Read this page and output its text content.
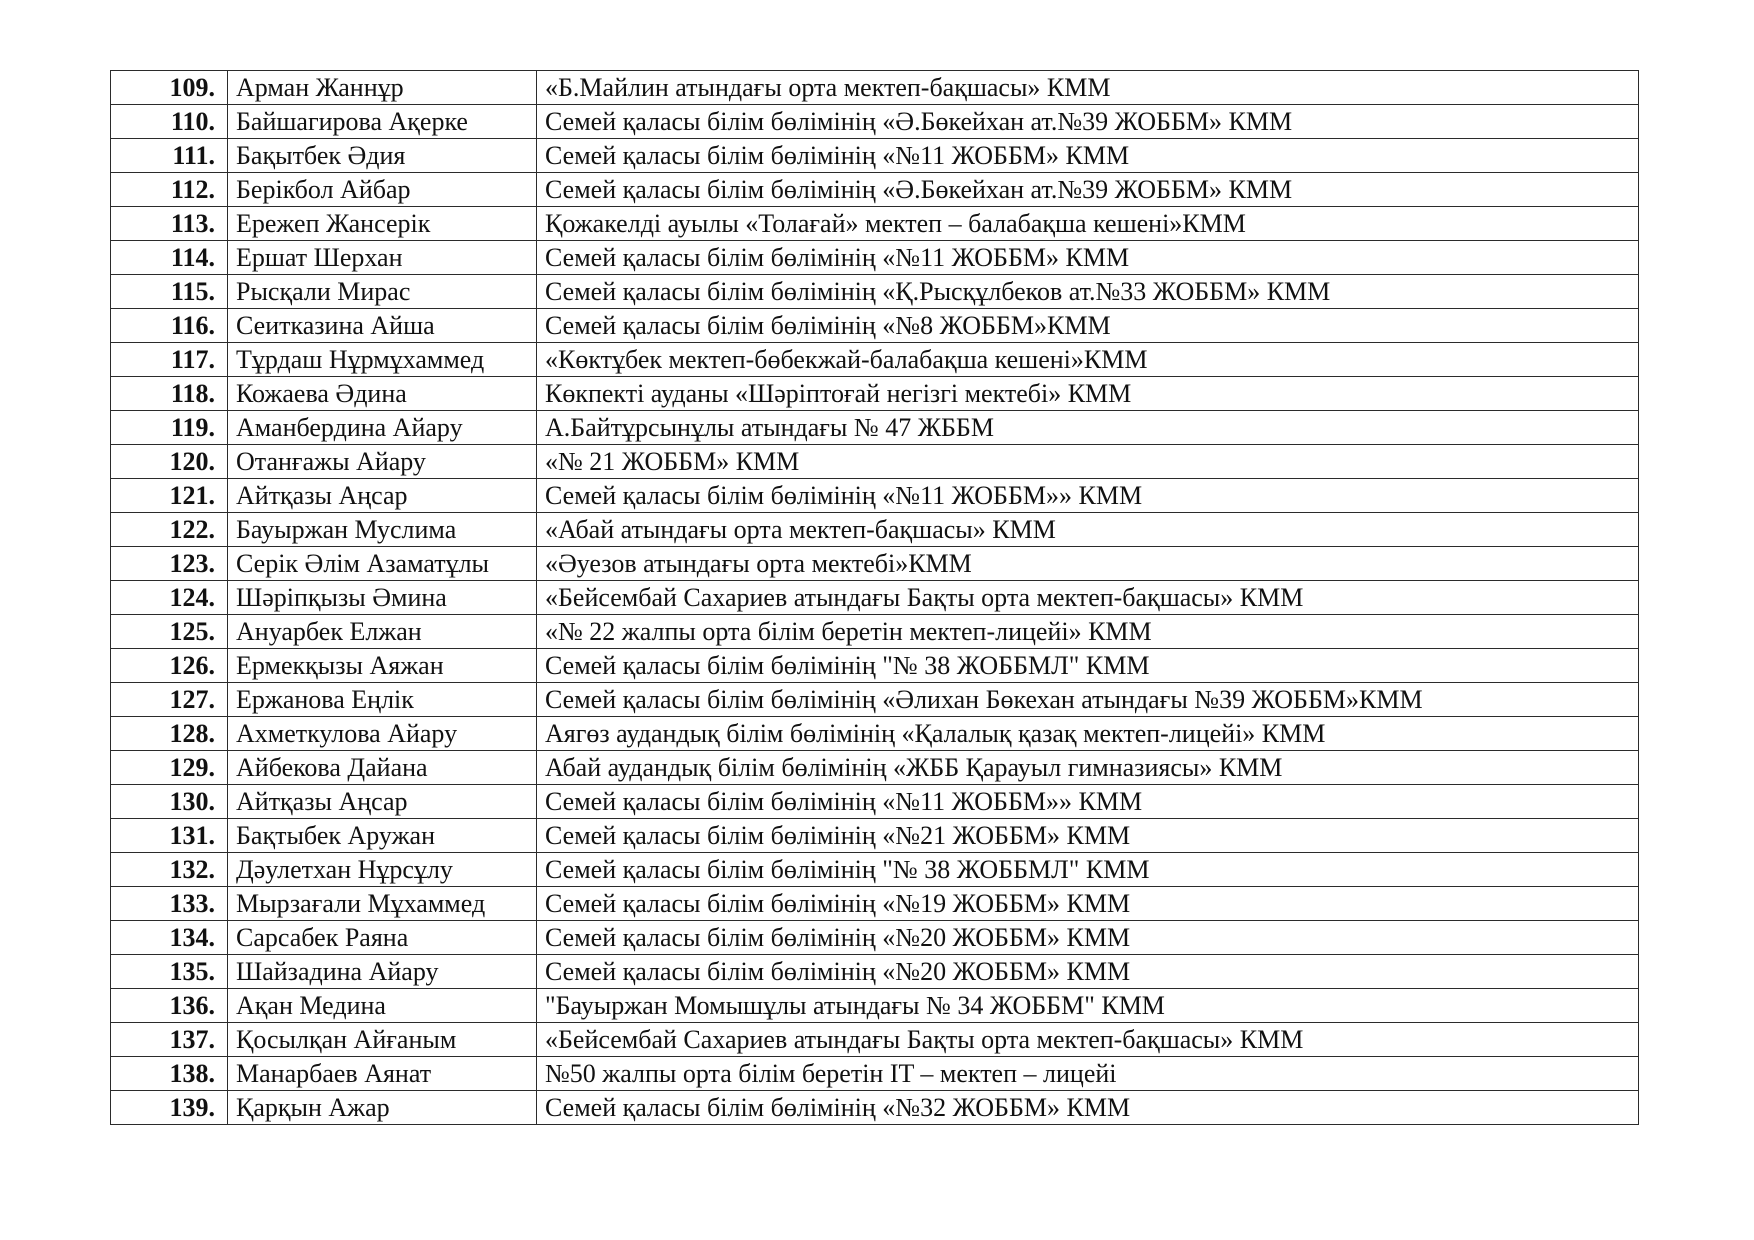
109.	Арман Жаннұр	«Б.Майлин атындағы орта мектеп-бақшасы» КММ
110.	Байшагирова Ақерке	Семей қаласы білім бөлімінің «Ә.Бөкейхан ат.№39 ЖОББМ» КММ
111.	Бақытбек Әдия	Семей қаласы білім бөлімінің «№11 ЖОББМ» КММ
112.	Берікбол Айбар	Семей қаласы білім бөлімінің «Ә.Бөкейхан ат.№39 ЖОББМ» КММ
113.	Ережеп Жансерік	Қожакелді ауылы «Толағай» мектеп – балабақша кешені»КММ
114.	Ершат Шерхан	Семей қаласы білім бөлімінің «№11 ЖОББМ» КММ
115.	Рысқали Мирас	Семей қаласы білім бөлімінің «Қ.Рысқұлбеков ат.№33 ЖОББМ» КММ
116.	Сеитказина Айша	Семей қаласы білім бөлімінің «№8 ЖОББМ»КММ
117.	Тұрдаш Нұрмұхаммед	«Көктұбек мектеп-бөбекжай-балабақша кешені»КММ
118.	Кожаева Әдина	Көкпекті ауданы «Шәріптоғай негізгі мектебі» КММ
119.	Аманбердина Айару	А.Байтұрсынұлы атындағы № 47 ЖББМ
120.	Отанғажы Айару	«№ 21 ЖОББМ» КММ
121.	Айтқазы Аңсар	Семей қаласы білім бөлімінің «№11 ЖОББМ»» КММ
122.	Бауыржан Муслима	«Абай атындағы орта мектеп-бақшасы» КММ
123.	Серік Әлім Азаматұлы	«Әуезов атындағы орта мектебі»КММ
124.	Шәріпқызы Әмина	«Бейсембай Сахариев атындағы Бақты орта мектеп-бақшасы» КММ
125.	Ануарбек Елжан	«№ 22 жалпы орта білім беретін мектеп-лицейі» КММ
126.	Ермекқызы Аяжан	Семей қаласы білім бөлімінің "№ 38 ЖОББМЛ" КММ
127.	Ержанова Еңлік	Семей қаласы білім бөлімінің «Әлихан Бөкехан атындағы №39 ЖОББМ»КММ
128.	Ахметкулова Айару	Аягөз аудандық білім бөлімінің «Қалалық қазақ мектеп-лицейі» КММ
129.	Айбекова Дайана	Абай аудандық білім бөлімінің «ЖББ Қарауыл гимназиясы» КММ
130.	Айтқазы Аңсар	Семей қаласы білім бөлімінің «№11 ЖОББМ»» КММ
131.	Бақтыбек Аружан	Семей қаласы білім бөлімінің «№21 ЖОББМ» КММ
132.	Дәулетхан Нұрсұлу	Семей қаласы білім бөлімінің "№ 38 ЖОББМЛ" КММ
133.	Мырзағали Мұхаммед	Семей қаласы білім бөлімінің «№19 ЖОББМ» КММ
134.	Сарсабек Раяна	Семей қаласы білім бөлімінің «№20 ЖОББМ» КММ
135.	Шайзадина Айару	Семей қаласы білім бөлімінің «№20 ЖОББМ» КММ
136.	Ақан Медина	"Бауыржан Момышұлы атындағы № 34 ЖОББМ" КММ
137.	Қосылқан Айғаным	«Бейсембай Сахариев атындағы Бақты орта мектеп-бақшасы» КММ
138.	Манарбаев Аянат	№50 жалпы орта білім беретін IT – мектеп – лицейі
139.	Қарқын Ажар	Семей қаласы білім бөлімінің «№32 ЖОББМ» КММ
